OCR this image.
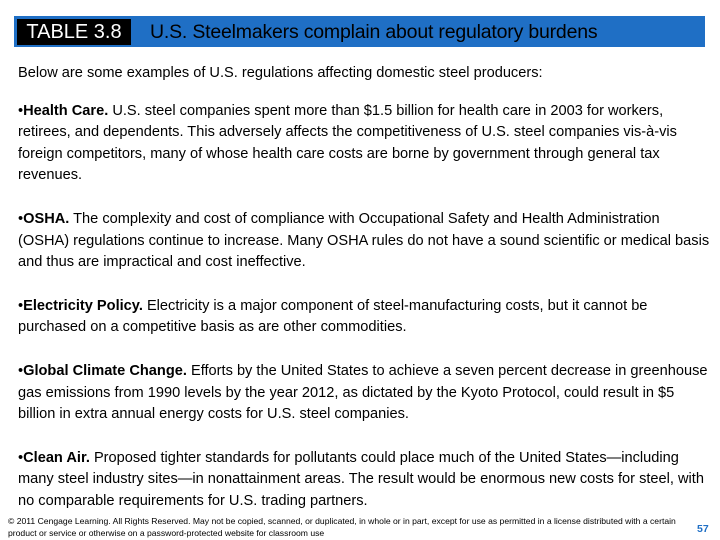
TABLE 3.8	U.S. Steelmakers complain about regulatory burdens

Below are some examples of U.S. regulations affecting domestic steel producers:

•Health Care. U.S. steel companies spent more than $1.5 billion for health care in 2003 for workers, retirees, and dependents. This adversely affects the competitiveness of U.S. steel companies vis-à-vis foreign competitors, many of whose health care costs are borne by government through general tax revenues.

•OSHA. The complexity and cost of compliance with Occupational Safety and Health Administration (OSHA) regulations continue to increase. Many OSHA rules do not have a sound scientific or medical basis and thus are impractical and cost ineffective.

•Electricity Policy. Electricity is a major component of steel-manufacturing costs, but it cannot be purchased on a competitive basis as are other commodities.

•Global Climate Change. Efforts by the United States to achieve a seven percent decrease in greenhouse gas emissions from 1990 levels by the year 2012, as dictated by the Kyoto Protocol, could result in $5 billion in extra annual energy costs for U.S. steel companies.

•Clean Air. Proposed tighter standards for pollutants could place much of the United States—including many steel industry sites—in nonattainment areas. The result would be enormous new costs for steel, with no comparable requirements for U.S. trading partners.

© 2011 Cengage Learning. All Rights Reserved. May not be copied, scanned, or duplicated, in whole or in part, except for use as permitted in a license distributed with a certain product or service or otherwise on a password-protected website for classroom use	57
